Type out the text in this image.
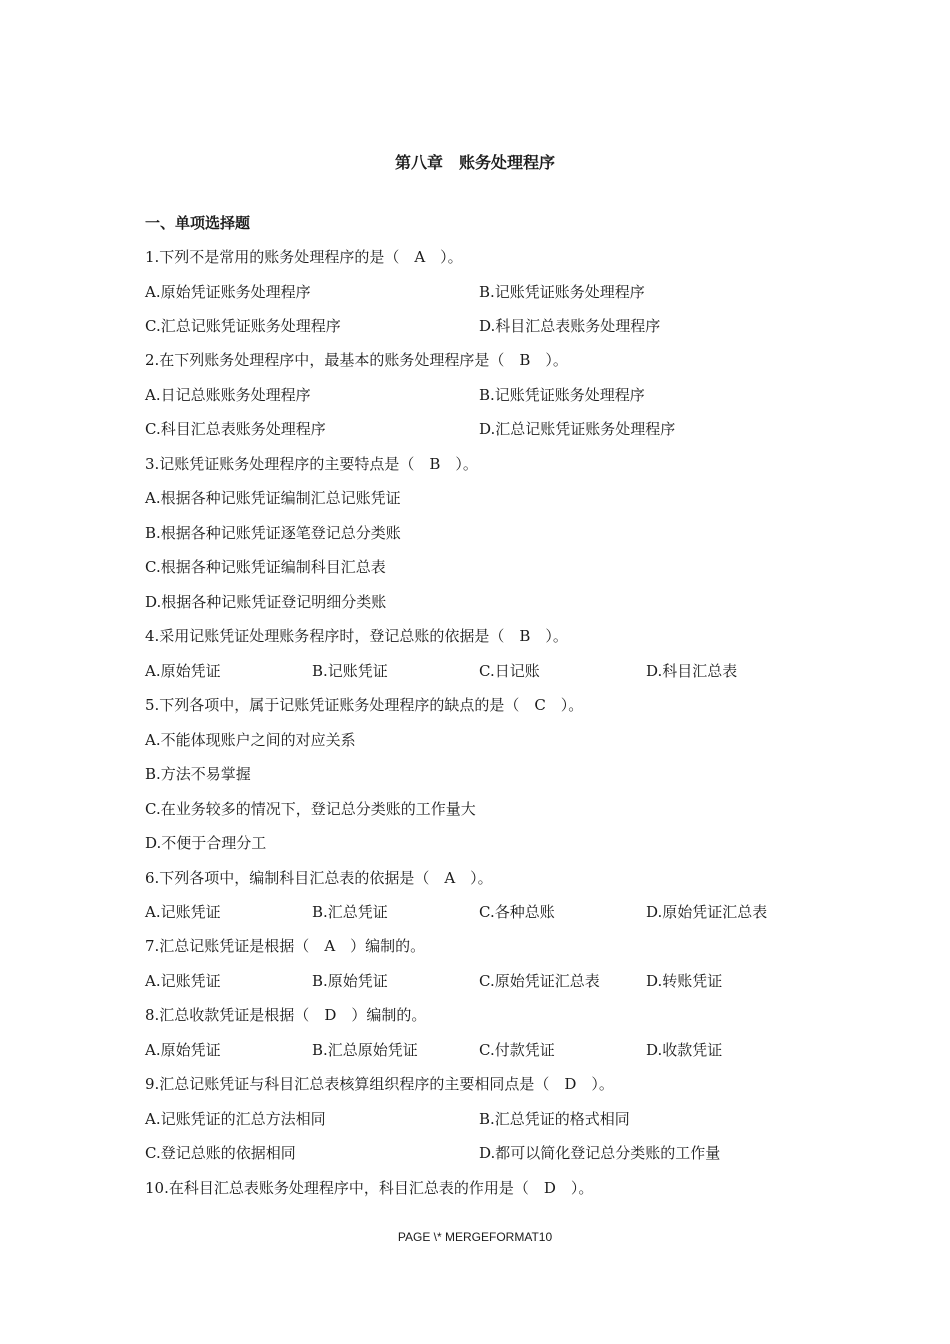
第八章　账务处理程序
一、单项选择题
1.下列不是常用的账务处理程序的是（　A　）。
A.原始凭证账务处理程序	B.记账凭证账务处理程序
C.汇总记账凭证账务处理程序	D.科目汇总表账务处理程序
2.在下列账务处理程序中，最基本的账务处理程序是（　B　）。
A.日记总账账务处理程序	B.记账凭证账务处理程序
C.科目汇总表账务处理程序	D.汇总记账凭证账务处理程序
3.记账凭证账务处理程序的主要特点是（　B　）。
A.根据各种记账凭证编制汇总记账凭证
B.根据各种记账凭证逐笔登记总分类账
C.根据各种记账凭证编制科目汇总表
D.根据各种记账凭证登记明细分类账
4.采用记账凭证处理账务程序时，登记总账的依据是（　B　）。
A.原始凭证	B.记账凭证	C.日记账	D.科目汇总表
5.下列各项中，属于记账凭证账务处理程序的缺点的是（　C　）。
A.不能体现账户之间的对应关系
B.方法不易掌握
C.在业务较多的情况下，登记总分类账的工作量大
D.不便于合理分工
6.下列各项中，编制科目汇总表的依据是（　A　）。
A.记账凭证	B.汇总凭证	C.各种总账	D.原始凭证汇总表
7.汇总记账凭证是根据（　A　）编制的。
A.记账凭证	B.原始凭证	C.原始凭证汇总表	D.转账凭证
8.汇总收款凭证是根据（　D　）编制的。
A.原始凭证	B.汇总原始凭证	C.付款凭证	D.收款凭证
9.汇总记账凭证与科目汇总表核算组织程序的主要相同点是（　D　）。
A.记账凭证的汇总方法相同	B.汇总凭证的格式相同
C.登记总账的依据相同	D.都可以简化登记总分类账的工作量
10.在科目汇总表账务处理程序中，科目汇总表的作用是（　D　）。
PAGE \* MERGEFORMAT10
